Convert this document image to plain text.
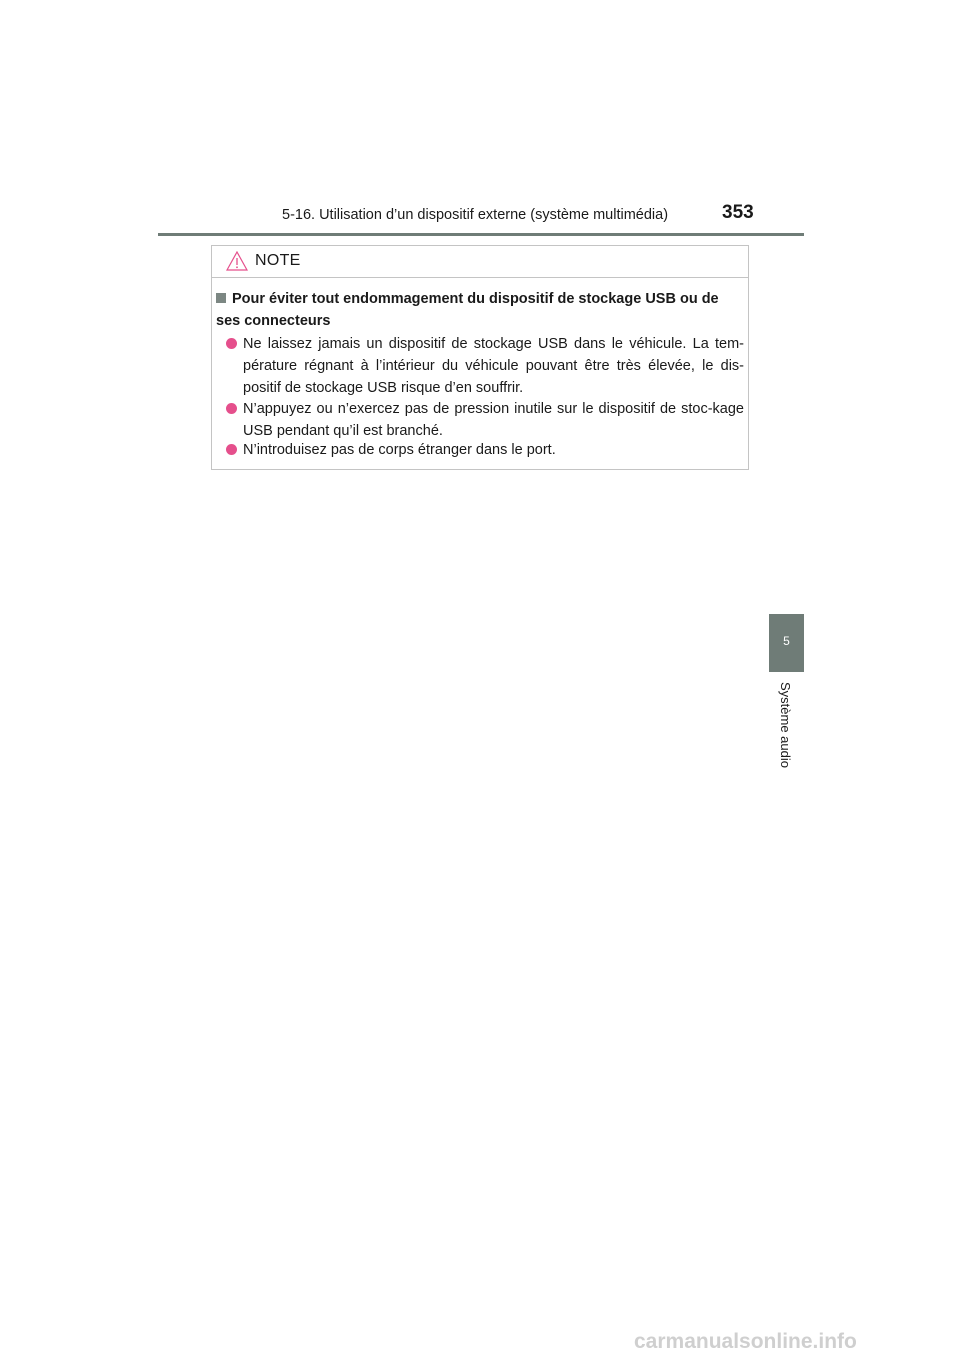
5-16. Utilisation d’un dispositif externe (système multimédia)	353
NOTE
Pour éviter tout endommagement du dispositif de stockage USB ou de ses connecteurs
Ne laissez jamais un dispositif de stockage USB dans le véhicule. La tem-pérature régnant à l’intérieur du véhicule pouvant être très élevée, le dis-positif de stockage USB risque d’en souffrir.
N’appuyez ou n’exercez pas de pression inutile sur le dispositif de stoc-kage USB pendant qu’il est branché.
N’introduisez pas de corps étranger dans le port.
5
Système audio
carmanualsonline.info
